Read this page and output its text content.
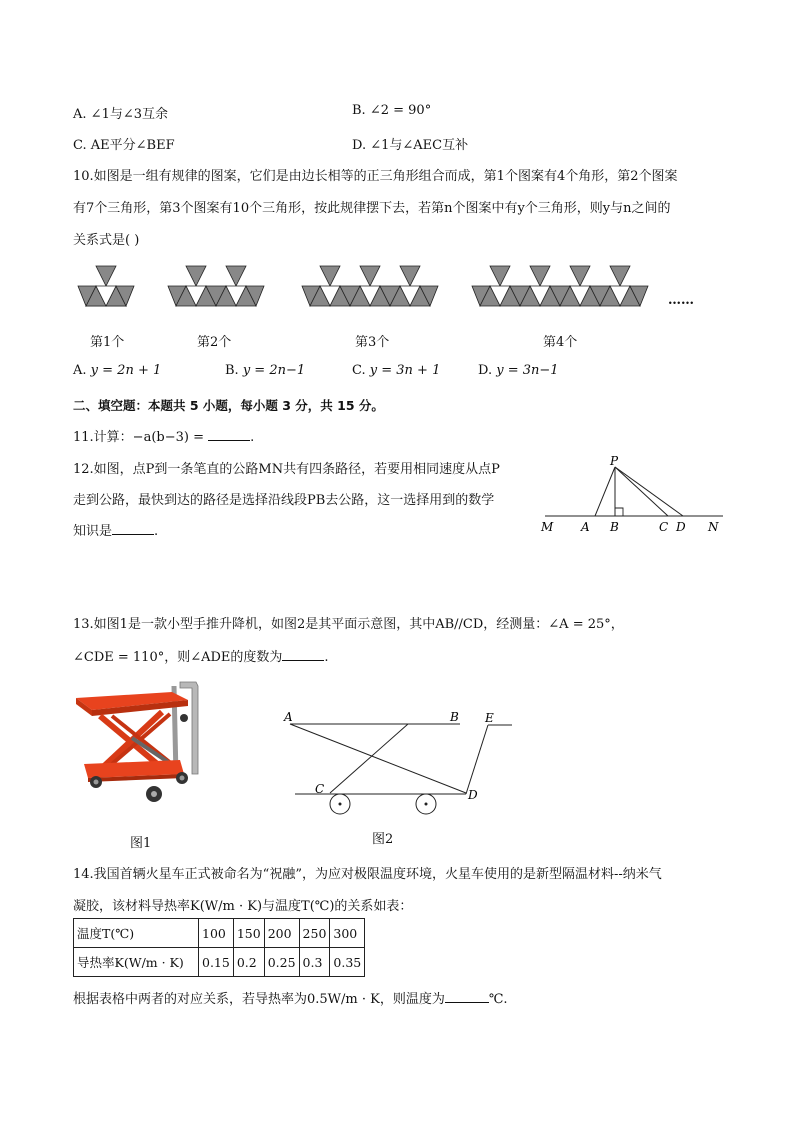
A. ∠1与∠3互余	B. ∠2 = 90°
C. AE平分∠BEF	D. ∠1与∠AEC互补
10.如图是一组有规律的图案，它们是由边长相等的正三角形组合而成，第1个图案有4个角形，第2个图案
有7个三角形，第3个图案有10个三角形，按此规律摆下去，若第n个图案中有y个三角形，则y与n之间的
关系式是( )
……
第1个	第2个	第3个	第4个
A. y = 2n + 1	B. y = 2n−1	C. y = 3n + 1	D. y = 3n−1
二、填空题：本题共 5 小题，每小题 3 分，共 15 分。
11.计算：−a(b−3) =	.
12.如图，点P到一条笔直的公路MN共有四条路径，若要用相同速度从点P
走到公路，最快到达的路径是选择沿线段PB去公路，这一选择用到的数学
知识是	.
P
M A B	C D N
13.如图1是一款小型手推升降机，如图2是其平面示意图，其中AB//CD，经测量：∠A = 25°，
∠CDE = 110°，则∠ADE的度数为	.
图1
A	B E
C	D
图2
14.我国首辆火星车正式被命名为“祝融”，为应对极限温度环境，火星车使用的是新型隔温材料--纳米气
凝胶，该材料导热率K(W/m · K)与温度T(℃)的关系如表：
温度T(℃)	100	150	200	250	300
导热率K(W/m · K)	0.15	0.2	0.25	0.3	0.35
根据表格中两者的对应关系，若导热率为0.5W/m · K，则温度为	℃.
